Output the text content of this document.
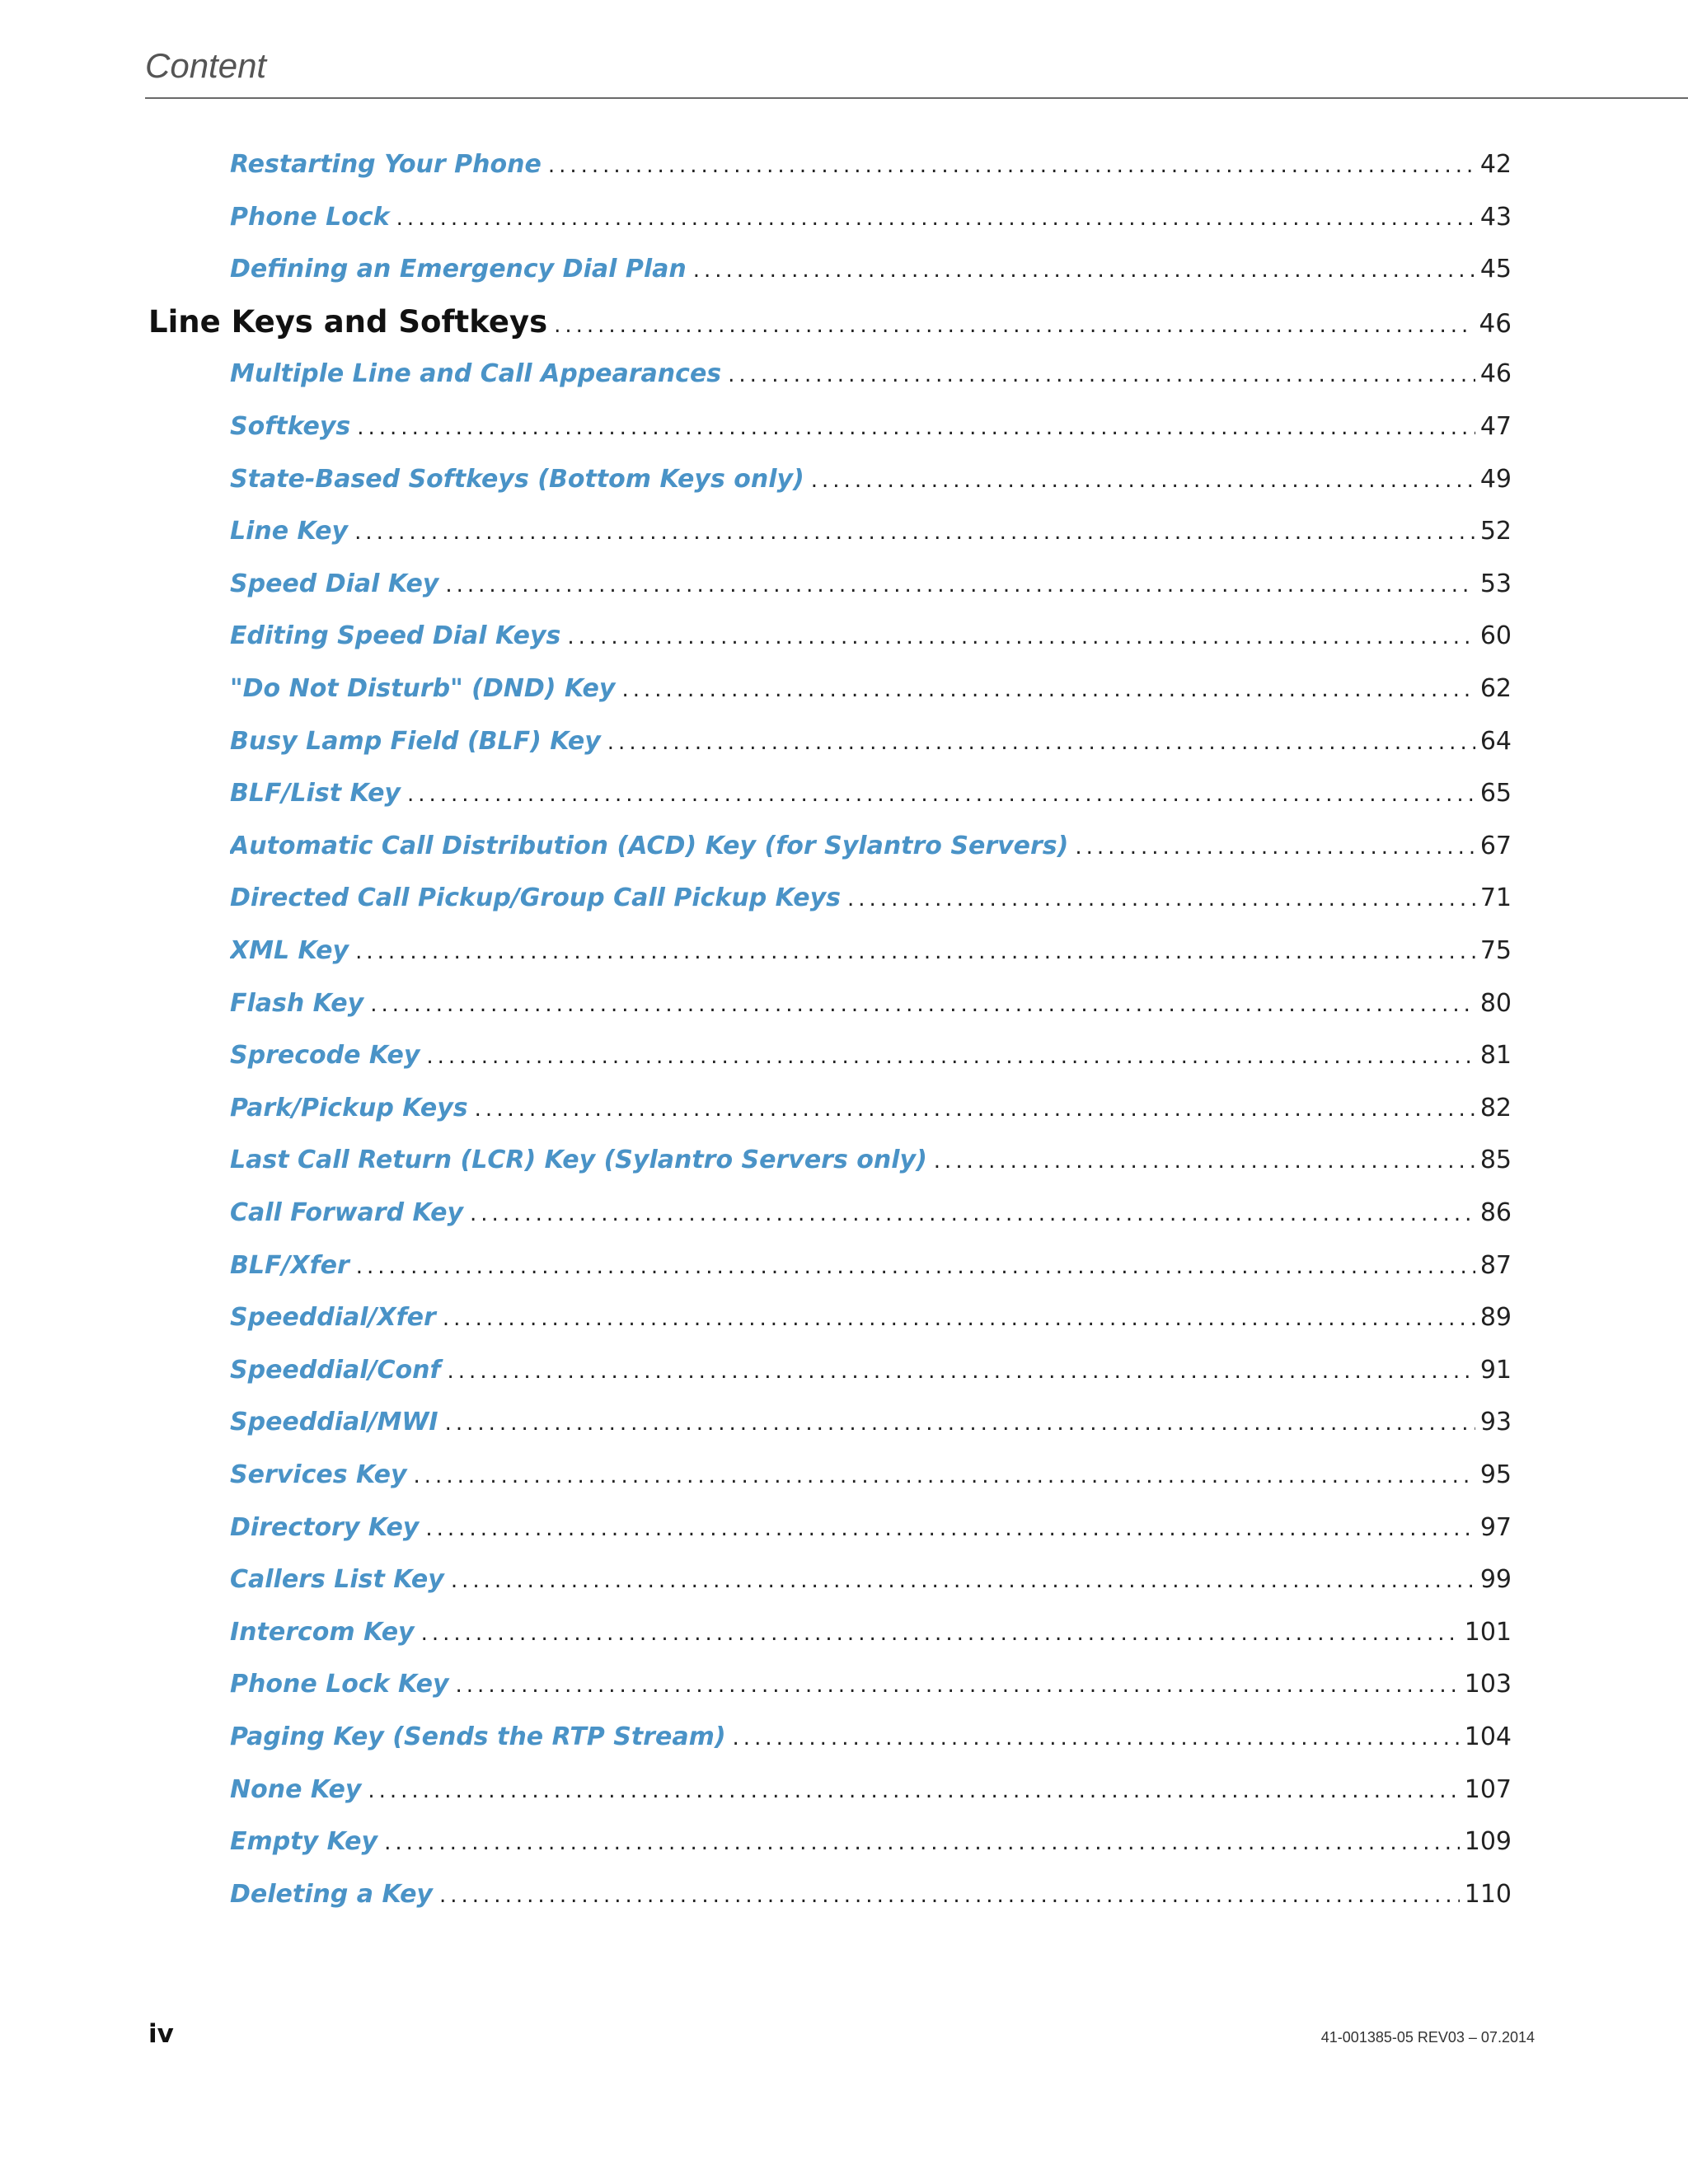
Content
Restarting Your Phone .....	42
Phone Lock .....	43
Defining an Emergency Dial Plan .....	45
Line Keys and Softkeys .....	46
Multiple Line and Call Appearances .....	46
Softkeys .....	47
State-Based Softkeys (Bottom Keys only) .....	49
Line Key .....	52
Speed Dial Key .....	53
Editing Speed Dial Keys .....	60
"Do Not Disturb" (DND) Key .....	62
Busy Lamp Field (BLF) Key .....	64
BLF/List Key .....	65
Automatic Call Distribution (ACD) Key (for Sylantro Servers) .....	67
Directed Call Pickup/Group Call Pickup Keys .....	71
XML Key .....	75
Flash Key .....	80
Sprecode Key .....	81
Park/Pickup Keys .....	82
Last Call Return (LCR) Key (Sylantro Servers only) .....	85
Call Forward Key .....	86
BLF/Xfer .....	87
Speeddial/Xfer .....	89
Speeddial/Conf .....	91
Speeddial/MWI .....	93
Services Key .....	95
Directory Key .....	97
Callers List Key .....	99
Intercom Key .....	101
Phone Lock Key .....	103
Paging Key (Sends the RTP Stream) .....	104
None Key .....	107
Empty Key .....	109
Deleting a Key .....	110
iv	41-001385-05 REV03 – 07.2014
